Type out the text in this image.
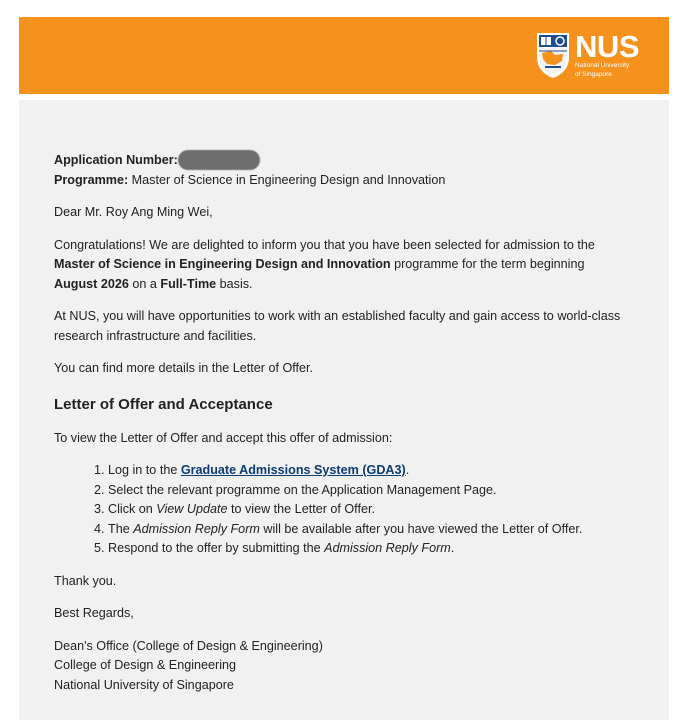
NUS
National University
of Singapore

Application Number:

Programme: Master of Science in Engineering Design and Innovation

Dear Mr. Roy Ang Ming Wei,

Congratulations! We are delighted to inform you that you have been selected for admission to the Master of Science in Engineering Design and Innovation programme for the term beginning August 2026 on a Full-Time basis.

At NUS, you will have opportunities to work with an established faculty and gain access to world-class research infrastructure and facilities.

You can find more details in the Letter of Offer.

Letter of Offer and Acceptance

To view the Letter of Offer and accept this offer of admission:

1. Log in to the Graduate Admissions System (GDA3).
2. Select the relevant programme on the Application Management Page.
3. Click on View Update to view the Letter of Offer.
4. The Admission Reply Form will be available after you have viewed the Letter of Offer.
5. Respond to the offer by submitting the Admission Reply Form.

Thank you.

Best Regards,

Dean's Office (College of Design & Engineering)

College of Design & Engineering

National University of Singapore
